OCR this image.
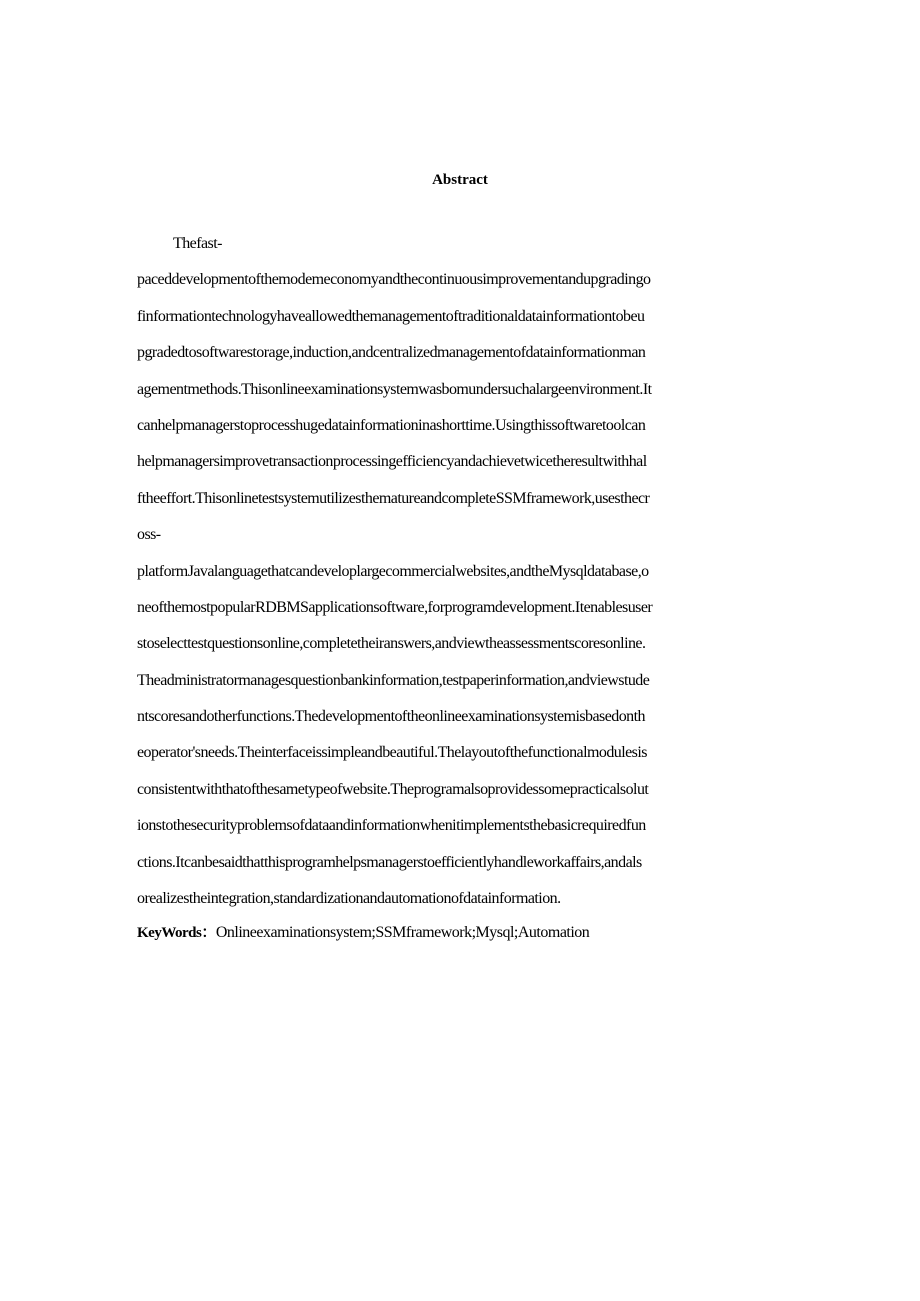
Abstract
Thefast-
paceddevelopmentofthemodemeconomyandthecontinuousimprovementandupgradingo
finformationtechnologyhaveallowedthemanagementoftraditionaldatainformationtobeu
pgradedtosoftwarestorage,induction,andcentralizedmanagementofdatainformationman
agementmethods.Thisonlineexaminationsystemwasbomundersuchalargeenvironment.It
canhelpmanagerstoprocesshugedatainformationinashorttime.Usingthissoftwaretoolcan
helpmanagersimprovetransactionprocessingefficiencyandachievetwicetheresultwithhal
ftheeffort.ThisonlinetestsystemutilizesthematureandcompleteSSMframework,usesthecr
oss-
platformJavalanguagethatcandeveloplargecommercialwebsites,andtheMysqldatabase,o
neofthemostpopularRDBMSapplicationsoftware,forprogramdevelopment.Itenablesuser
stoselecttestquestionsonline,completetheiranswers,andviewtheassessmentscoresonline.
Theadministratormanagesquestionbankinformation,testpaperinformation,andviewstude
ntscoresandotherfunctions.Thedevelopmentoftheonlineexaminationsystemisbasedonth
eoperator'sneeds.Theinterfaceissimpleandbeautiful.Thelayoutofthefunctionalmodulesis
consistentwiththatofthesametypeofwebsite.Theprogramalsoprovidessomepracticalsolut
ionstothesecurityproblemsofdataandinformationwhenitimplementsthebasicrequiredfun
ctions.Itcanbesaidthatthisprogramhelpsmanagerstoefficientlyhandleworkaffairs,andals
orealizestheintegration,standardizationandautomationofdatainformation.
KeyWords：Onlineexaminationsystem;SSMframework;Mysql;Automation
